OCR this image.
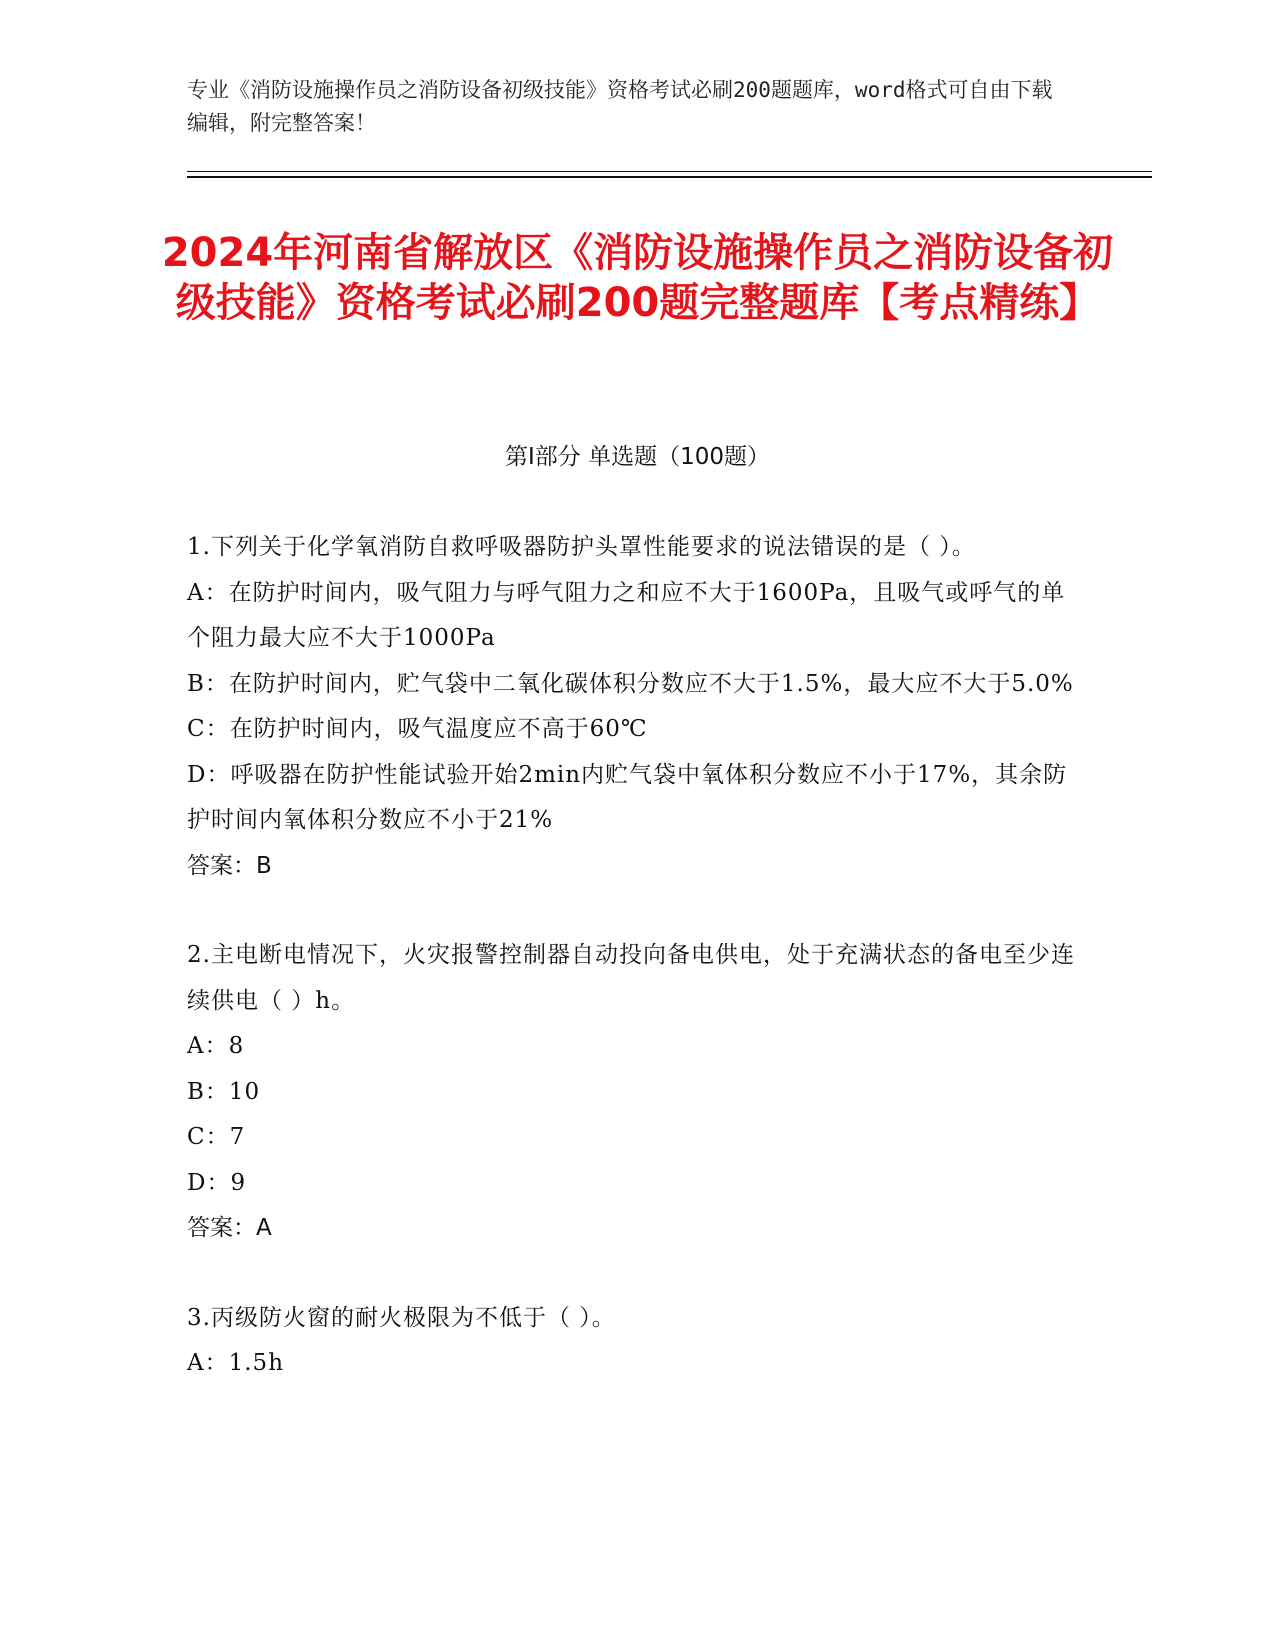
专业《消防设施操作员之消防设备初级技能》资格考试必刷200题题库，word格式可自由下载编辑，附完整答案！
2024年河南省解放区《消防设施操作员之消防设备初级技能》资格考试必刷200题完整题库【考点精练】
第I部分 单选题（100题）
1.下列关于化学氧消防自救呼吸器防护头罩性能要求的说法错误的是（ ）。
A：在防护时间内，吸气阻力与呼气阻力之和应不大于1600Pa，且吸气或呼气的单个阻力最大应不大于1000Pa
B：在防护时间内，贮气袋中二氧化碳体积分数应不大于1.5%，最大应不大于5.0%
C：在防护时间内，吸气温度应不高于60℃
D：呼吸器在防护性能试验开始2min内贮气袋中氧体积分数应不小于17%，其余防护时间内氧体积分数应不小于21%
答案：B
2.主电断电情况下，火灾报警控制器自动投向备电供电，处于充满状态的备电至少连续供电（ ）h。
A：8
B：10
C：7
D：9
答案：A
3.丙级防火窗的耐火极限为不低于（ ）。
A：1.5h
